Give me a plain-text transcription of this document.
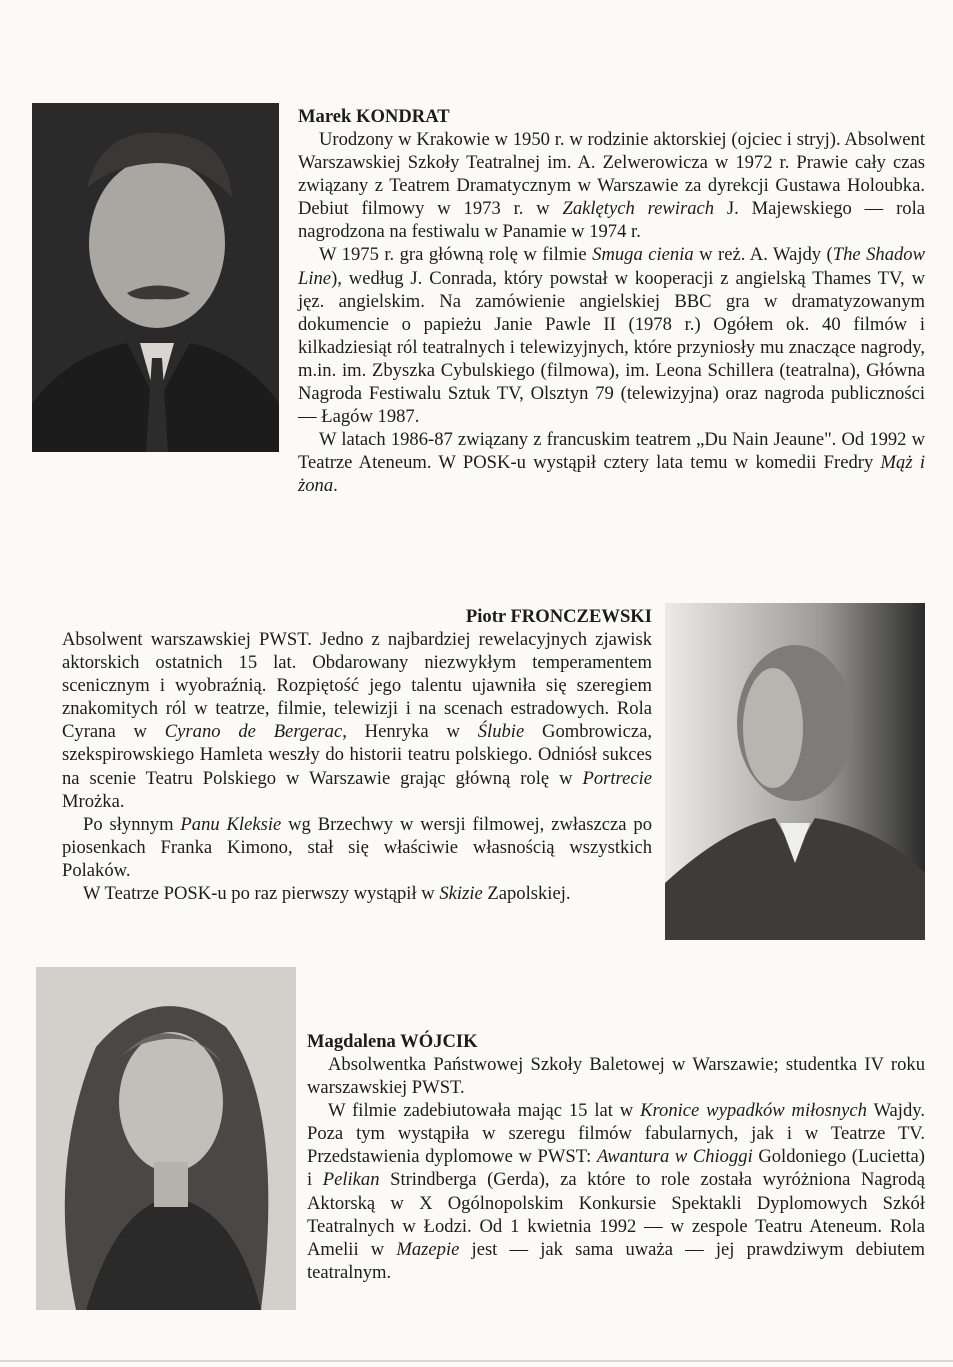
Marek KONDRAT

Urodzony w Krakowie w 1950 r. w rodzinie aktorskiej (ojciec i stryj). Absolwent Warszawskiej Szkoły Teatralnej im. A. Zelwerowicza w 1972 r. Prawie cały czas związany z Teatrem Dramatycznym w Warszawie za dyrekcji Gustawa Holoubka. Debiut filmowy w 1973 r. w Zaklętych rewirach J. Majewskiego — rola nagrodzona na festiwalu w Panamie w 1974 r.

W 1975 r. gra główną rolę w filmie Smuga cienia w reż. A. Wajdy (The Shadow Line), według J. Conrada, który powstał w kooperacji z angielską Thames TV, w jęz. angielskim. Na zamówienie angielskiej BBC gra w dramatyzowanym dokumencie o papieżu Janie Pawle II (1978 r.) Ogółem ok. 40 filmów i kilkadziesiąt ról teatralnych i telewizyjnych, które przyniosły mu znaczące nagrody, m.in. im. Zbyszka Cybulskiego (filmowa), im. Leona Schillera (teatralna), Główna Nagroda Festiwalu Sztuk TV, Olsztyn 79 (telewizyjna) oraz nagroda publiczności — Łagów 1987.

W latach 1986-87 związany z francuskim teatrem „Du Nain Jeaune". Od 1992 w Teatrze Ateneum. W POSK-u wystąpił cztery lata temu w komedii Fredry Mąż i żona.

Piotr FRONCZEWSKI

Absolwent warszawskiej PWST. Jedno z najbardziej rewelacyjnych zjawisk aktorskich ostatnich 15 lat. Obdarowany niezwykłym temperamentem scenicznym i wyobraźnią. Rozpiętość jego talentu ujawniła się szeregiem znakomitych ról w teatrze, filmie, telewizji i na scenach estradowych. Rola Cyrana w Cyrano de Bergerac, Henryka w Ślubie Gombrowicza, szekspirowskiego Hamleta weszły do historii teatru polskiego. Odniósł sukces na scenie Teatru Polskiego w Warszawie grając główną rolę w Portrecie Mrożka.

Po słynnym Panu Kleksie wg Brzechwy w wersji filmowej, zwłaszcza po piosenkach Franka Kimono, stał się właściwie własnością wszystkich Polaków.

W Teatrze POSK-u po raz pierwszy wystąpił w Skizie Zapolskiej.

Magdalena WÓJCIK

Absolwentka Państwowej Szkoły Baletowej w Warszawie; studentka IV roku warszawskiej PWST.

W filmie zadebiutowała mając 15 lat w Kronice wypadków miłosnych Wajdy. Poza tym wystąpiła w szeregu filmów fabularnych, jak i w Teatrze TV. Przedstawienia dyplomowe w PWST: Awantura w Chioggi Goldoniego (Lucietta) i Pelikan Strindberga (Gerda), za które to role została wyróżniona Nagrodą Aktorską w X Ogólnopolskim Konkursie Spektakli Dyplomowych Szkół Teatralnych w Łodzi. Od 1 kwietnia 1992 — w zespole Teatru Ateneum. Rola Amelii w Mazepie jest — jak sama uważa — jej prawdziwym debiutem teatralnym.
